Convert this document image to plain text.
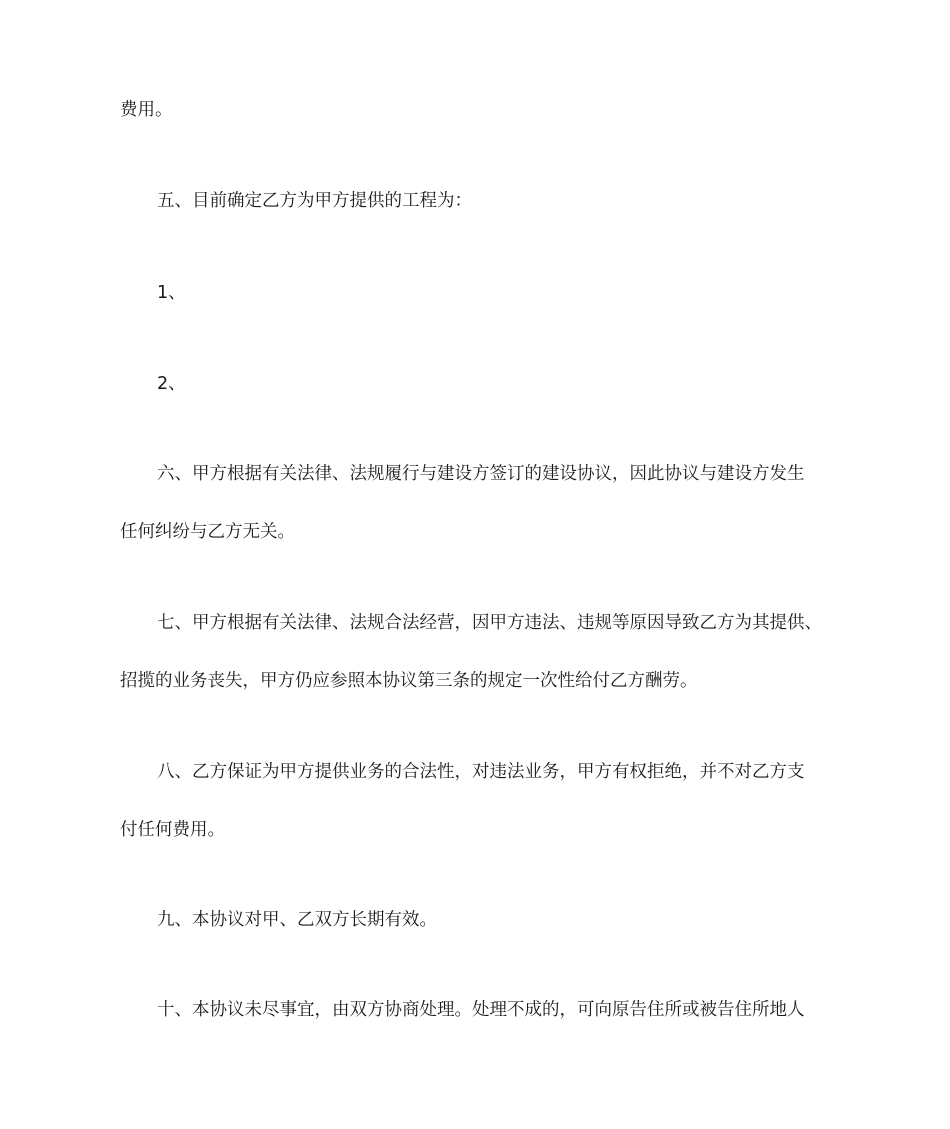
费用。
五、目前确定乙方为甲方提供的工程为：
1、
2、
六、甲方根据有关法律、法规履行与建设方签订的建设协议，因此协议与建设方发生
任何纠纷与乙方无关。
七、甲方根据有关法律、法规合法经营，因甲方违法、违规等原因导致乙方为其提供、
招揽的业务丧失，甲方仍应参照本协议第三条的规定一次性给付乙方酬劳。
八、乙方保证为甲方提供业务的合法性，对违法业务，甲方有权拒绝，并不对乙方支
付任何费用。
九、本协议对甲、乙双方长期有效。
十、本协议未尽事宜，由双方协商处理。处理不成的，可向原告住所或被告住所地人
